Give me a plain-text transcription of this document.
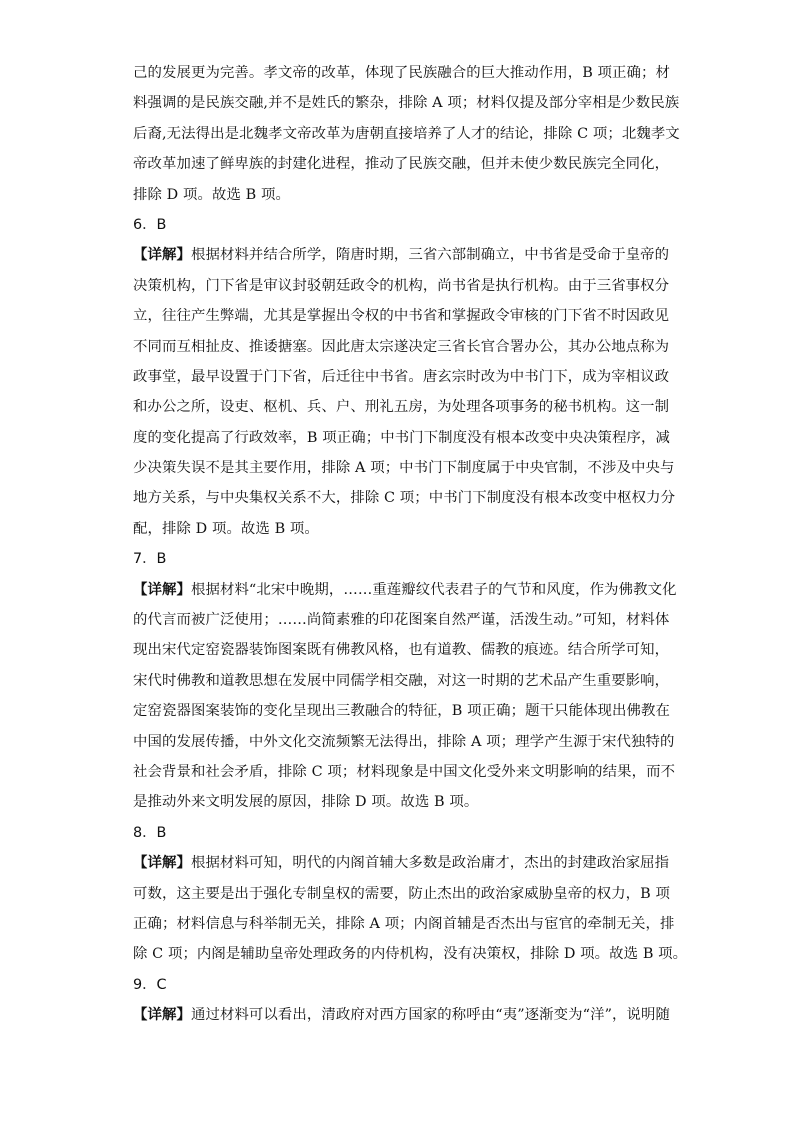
己的发展更为完善。孝文帝的改革，体现了民族融合的巨大推动作用，B 项正确；材
料强调的是民族交融,并不是姓氏的繁杂，排除 A 项；材料仅提及部分宰相是少数民族
后裔,无法得出是北魏孝文帝改革为唐朝直接培养了人才的结论，排除 C 项；北魏孝文
帝改革加速了鲜卑族的封建化进程，推动了民族交融，但并未使少数民族完全同化，
排除 D 项。故选 B 项。
6．B
【详解】根据材料并结合所学，隋唐时期，三省六部制确立，中书省是受命于皇帝的
决策机构，门下省是审议封驳朝廷政令的机构，尚书省是执行机构。由于三省事权分
立，往往产生弊端，尤其是掌握出令权的中书省和掌握政令审核的门下省不时因政见
不同而互相扯皮、推诿搪塞。因此唐太宗遂决定三省长官合署办公，其办公地点称为
政事堂，最早设置于门下省，后迁往中书省。唐玄宗时改为中书门下，成为宰相议政
和办公之所，设吏、枢机、兵、户、刑礼五房，为处理各项事务的秘书机构。这一制
度的变化提高了行政效率，B 项正确；中书门下制度没有根本改变中央决策程序，减
少决策失误不是其主要作用，排除 A 项；中书门下制度属于中央官制，不涉及中央与
地方关系，与中央集权关系不大，排除 C 项；中书门下制度没有根本改变中枢权力分
配，排除 D 项。故选 B 项。
7．B
【详解】根据材料“北宋中晚期，……重莲瓣纹代表君子的气节和风度，作为佛教文化
的代言而被广泛使用；……尚简素雅的印花图案自然严谨，活泼生动。”可知，材料体
现出宋代定窑瓷器装饰图案既有佛教风格，也有道教、儒教的痕迹。结合所学可知，
宋代时佛教和道教思想在发展中同儒学相交融，对这一时期的艺术品产生重要影响，
定窑瓷器图案装饰的变化呈现出三教融合的特征，B 项正确；题干只能体现出佛教在
中国的发展传播，中外文化交流频繁无法得出，排除 A 项；理学产生源于宋代独特的
社会背景和社会矛盾，排除 C 项；材料现象是中国文化受外来文明影响的结果，而不
是推动外来文明发展的原因，排除 D 项。故选 B 项。
8．B
【详解】根据材料可知，明代的内阁首辅大多数是政治庸才，杰出的封建政治家屈指
可数，这主要是出于强化专制皇权的需要，防止杰出的政治家威胁皇帝的权力，B 项
正确；材料信息与科举制无关，排除 A 项；内阁首辅是否杰出与宦官的牵制无关，排
除 C 项；内阁是辅助皇帝处理政务的内侍机构，没有决策权，排除 D 项。故选 B 项。
9．C
【详解】通过材料可以看出，清政府对西方国家的称呼由“夷”逐渐变为“洋”，说明随
